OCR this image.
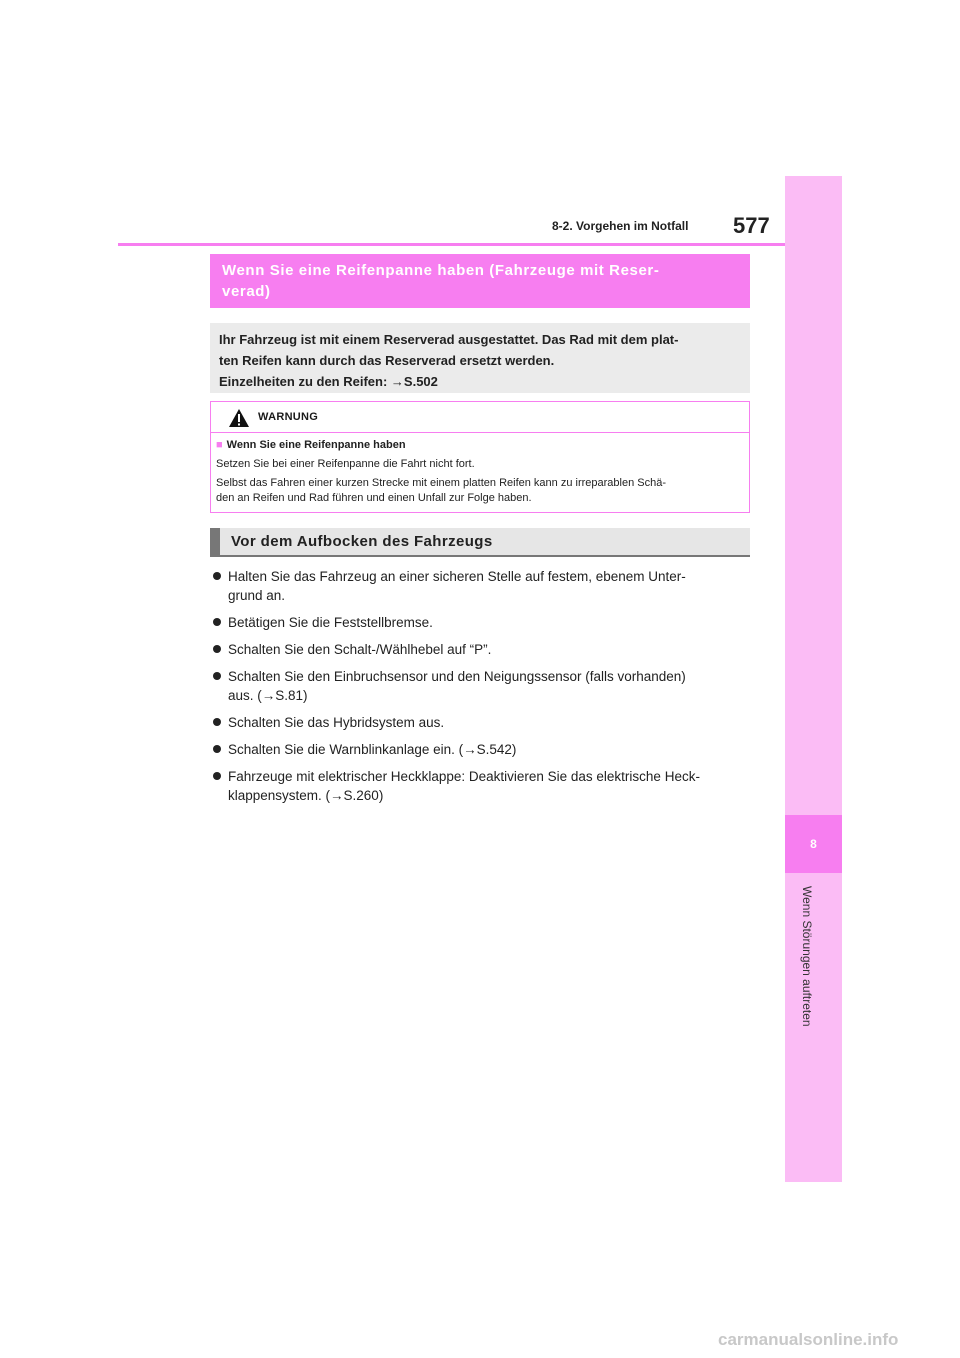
8
Wenn Störungen auftreten
8-2. Vorgehen im Notfall 577
Wenn Sie eine Reifenpanne haben (Fahrzeuge mit Reser-
verad)
Ihr Fahrzeug ist mit einem Reserverad ausgestattet. Das Rad mit dem plat-
ten Reifen kann durch das Reserverad ersetzt werden.
Einzelheiten zu den Reifen: →S.502
WARNUNG
■ Wenn Sie eine Reifenpanne haben

Setzen Sie bei einer Reifenpanne die Fahrt nicht fort.

Selbst das Fahren einer kurzen Strecke mit einem platten Reifen kann zu irreparablen Schä-
den an Reifen und Rad führen und einen Unfall zur Folge haben.
Vor dem Aufbocken des Fahrzeugs
Halten Sie das Fahrzeug an einer sicheren Stelle auf festem, ebenem Unter-
grund an.
Betätigen Sie die Feststellbremse.
Schalten Sie den Schalt-/Wählhebel auf “P”.
Schalten Sie den Einbruchsensor und den Neigungssensor (falls vorhanden)
aus. (→S.81)
Schalten Sie das Hybridsystem aus.
Schalten Sie die Warnblinkanlage ein. (→S.542)
Fahrzeuge mit elektrischer Heckklappe: Deaktivieren Sie das elektrische Heck-
klappensystem. (→S.260)
carmanualsonline.info
